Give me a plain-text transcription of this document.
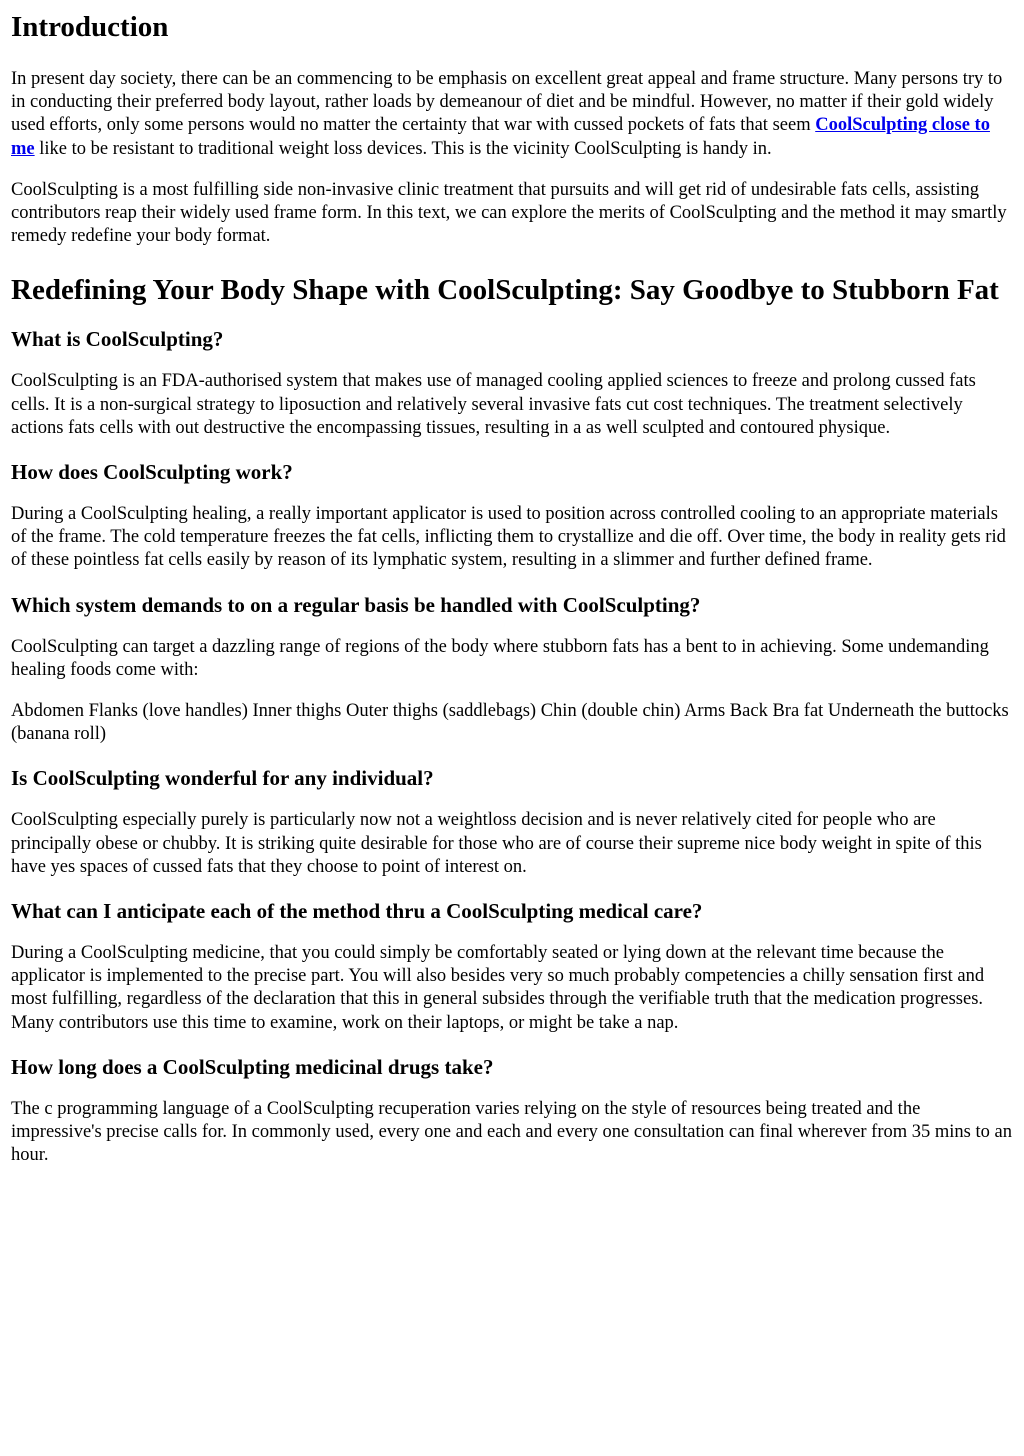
Introduction

In present day society, there can be an commencing to be emphasis on excellent great appeal and frame structure. Many persons try to in conducting their preferred body layout, rather loads by demeanour of diet and be mindful. However, no matter if their gold widely used efforts, only some persons would no matter the certainty that war with cussed pockets of fats that seem CoolSculpting close to me like to be resistant to traditional weight loss devices. This is the vicinity CoolSculpting is handy in.

CoolSculpting is a most fulfilling side non-invasive clinic treatment that pursuits and will get rid of undesirable fats cells, assisting contributors reap their widely used frame form. In this text, we can explore the merits of CoolSculpting and the method it may smartly remedy redefine your body format.

Redefining Your Body Shape with CoolSculpting: Say Goodbye to Stubborn Fat
What is CoolSculpting?

CoolSculpting is an FDA-authorised system that makes use of managed cooling applied sciences to freeze and prolong cussed fats cells. It is a non-surgical strategy to liposuction and relatively several invasive fats cut cost techniques. The treatment selectively actions fats cells with out destructive the encompassing tissues, resulting in a as well sculpted and contoured physique.

How does CoolSculpting work?

During a CoolSculpting healing, a really important applicator is used to position across controlled cooling to an appropriate materials of the frame. The cold temperature freezes the fat cells, inflicting them to crystallize and die off. Over time, the body in reality gets rid of these pointless fat cells easily by reason of its lymphatic system, resulting in a slimmer and further defined frame.

Which system demands to on a regular basis be handled with CoolSculpting?

CoolSculpting can target a dazzling range of regions of the body where stubborn fats has a bent to in achieving. Some undemanding healing foods come with:

Abdomen Flanks (love handles) Inner thighs Outer thighs (saddlebags) Chin (double chin) Arms Back Bra fat Underneath the buttocks (banana roll)

Is CoolSculpting wonderful for any individual?

CoolSculpting especially purely is particularly now not a weightloss decision and is never relatively cited for people who are principally obese or chubby. It is striking quite desirable for those who are of course their supreme nice body weight in spite of this have yes spaces of cussed fats that they choose to point of interest on.

What can I anticipate each of the method thru a CoolSculpting medical care?

During a CoolSculpting medicine, that you could simply be comfortably seated or lying down at the relevant time because the applicator is implemented to the precise part. You will also besides very so much probably competencies a chilly sensation first and most fulfilling, regardless of the declaration that this in general subsides through the verifiable truth that the medication progresses. Many contributors use this time to examine, work on their laptops, or might be take a nap.

How long does a CoolSculpting medicinal drugs take?

The c programming language of a CoolSculpting recuperation varies relying on the style of resources being treated and the impressive's precise calls for. In commonly used, every one and each and every one consultation can final wherever from 35 mins to an hour.
